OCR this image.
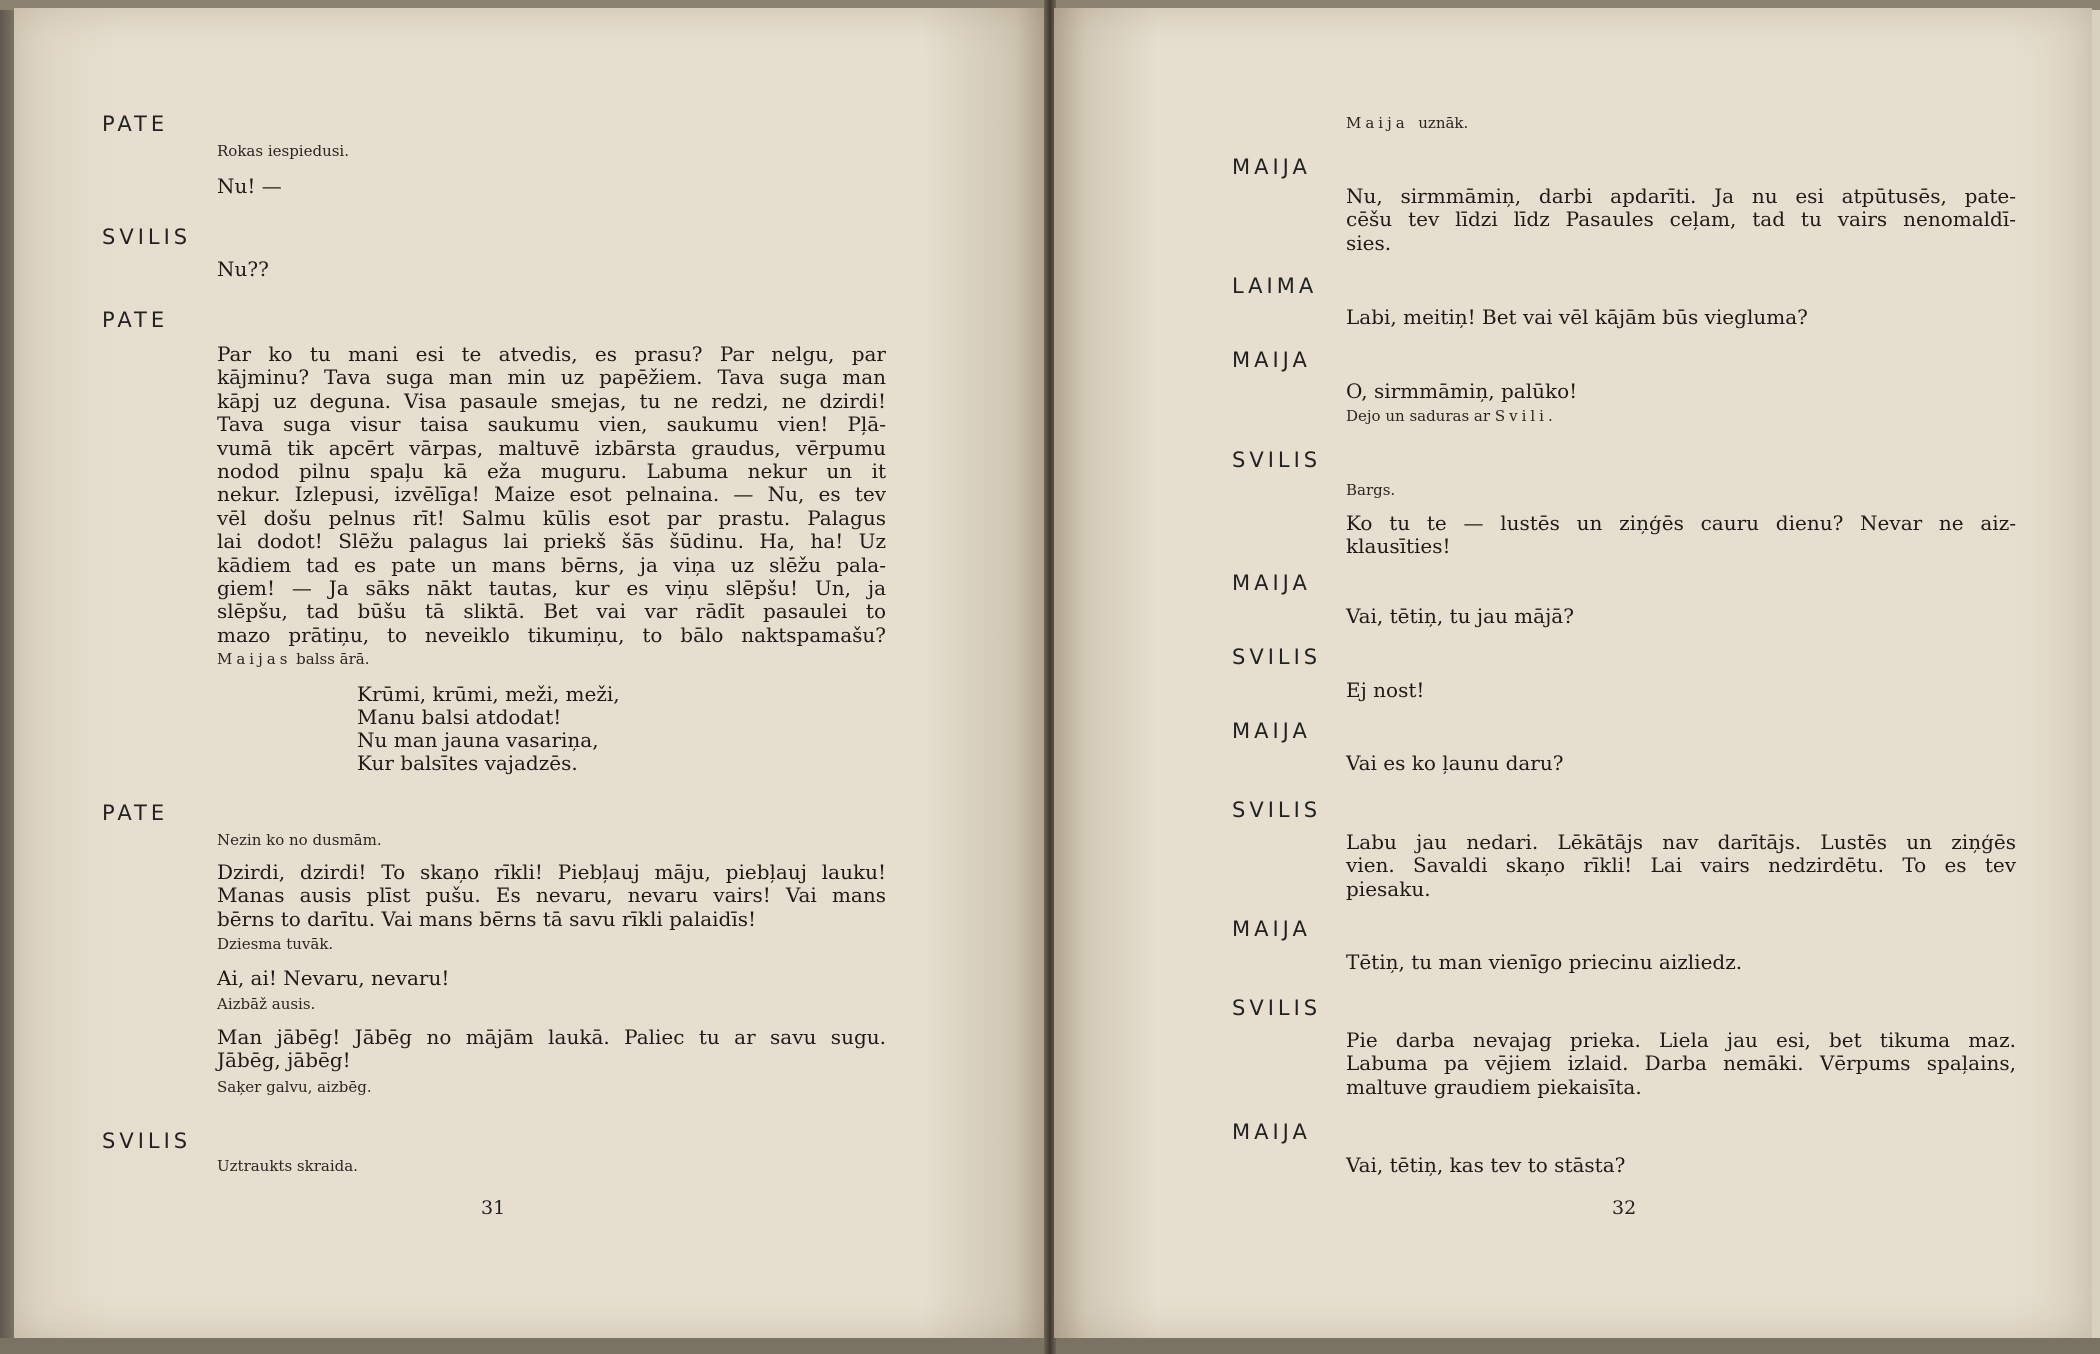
PATE
Rokas iespiedusi.
Nu! —
SVILIS
Nu??
PATE
Par ko tu mani esi te atvedis, es prasu? Par nelgu, par
kājminu? Tava suga man min uz papēžiem. Tava suga man
kāpj uz deguna. Visa pasaule smejas, tu ne redzi, ne dzirdi!
Tava suga visur taisa saukumu vien, saukumu vien! Pļā-
vumā tik apcērt vārpas, maltuvē izbārsta graudus, vērpumu
nodod pilnu spaļu kā eža muguru. Labuma nekur un it
nekur. Izlepusi, izvēlīga! Maize esot pelnaina. — Nu, es tev
vēl došu pelnus rīt! Salmu kūlis esot par prastu. Palagus
lai dodot! Slēžu palagus lai priekš šās šūdinu. Ha, ha! Uz
kādiem tad es pate un mans bērns, ja viņa uz slēžu pala-
giem! — Ja sāks nākt tautas, kur es viņu slēpšu! Un, ja
slēpšu, tad būšu tā sliktā. Bet vai var rādīt pasaulei to
mazo prātiņu, to neveiklo tikumiņu, to bālo naktspamašu?
Maijas balss ārā.
Krūmi, krūmi, meži, meži,
Manu balsi atdodat!
Nu man jauna vasariņa,
Kur balsītes vajadzēs.
PATE
Nezin ko no dusmām.
Dzirdi, dzirdi! To skaņo rīkli! Piebļauj māju, piebļauj lauku!
Manas ausis plīst pušu. Es nevaru, nevaru vairs! Vai mans
bērns to darītu. Vai mans bērns tā savu rīkli palaidīs!
Dziesma tuvāk.
Ai, ai! Nevaru, nevaru!
Aizbāž ausis.
Man jābēg! Jābēg no mājām laukā. Paliec tu ar savu sugu.
Jābēg, jābēg!
Saķer galvu, aizbēg.
SVILIS
Uztraukts skraida.
31
Maija uznāk.
MAIJA
Nu, sirmmāmiņ, darbi apdarīti. Ja nu esi atpūtusēs, pate-
cēšu tev līdzi līdz Pasaules ceļam, tad tu vairs nenomaldī-
sies.
LAIMA
Labi, meitiņ! Bet vai vēl kājām būs viegluma?
MAIJA
O, sirmmāmiņ, palūko!
Dejo un saduras ar Svili.
SVILIS
Bargs.
Ko tu te — lustēs un ziņģēs cauru dienu? Nevar ne aiz-
klausīties!
MAIJA
Vai, tētiņ, tu jau mājā?
SVILIS
Ej nost!
MAIJA
Vai es ko ļaunu daru?
SVILIS
Labu jau nedari. Lēkātājs nav darītājs. Lustēs un ziņģēs
vien. Savaldi skaņo rīkli! Lai vairs nedzirdētu. To es tev
piesaku.
MAIJA
Tētiņ, tu man vienīgo priecinu aizliedz.
SVILIS
Pie darba nevajag prieka. Liela jau esi, bet tikuma maz.
Labuma pa vējiem izlaid. Darba nemāki. Vērpums spaļains,
maltuve graudiem piekaisīta.
MAIJA
Vai, tētiņ, kas tev to stāsta?
32
